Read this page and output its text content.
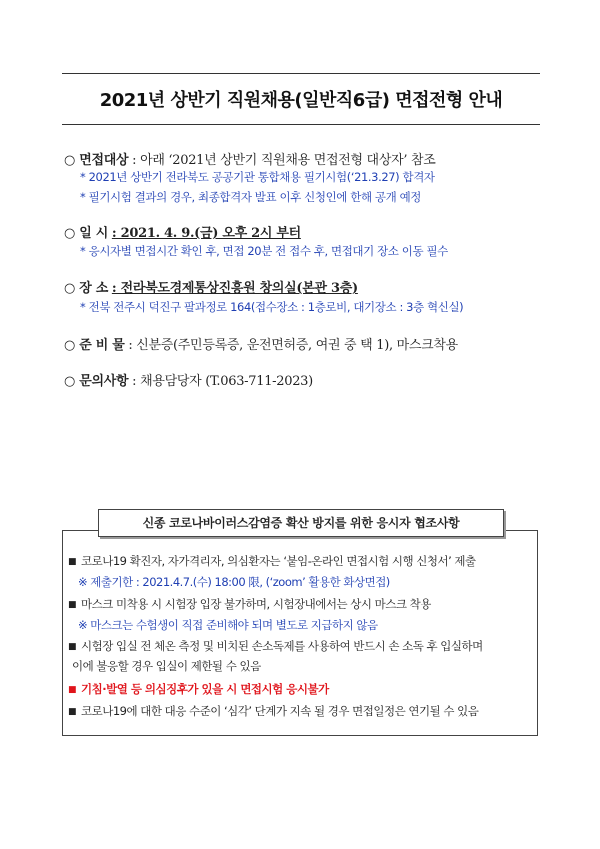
2021년 상반기 직원채용(일반직6급) 면접전형 안내
○ 면접대상 : 아래 ‘2021년 상반기 직원채용 면접전형 대상자’ 참조
* 2021년 상반기 전라북도 공공기관 통합채용 필기시험(‘21.3.27) 합격자
* 필기시험 결과의 경우, 최종합격자 발표 이후 신청인에 한해 공개 예정
○ 일 시 : 2021. 4. 9.(금) 오후 2시 부터
* 응시자별 면접시간 확인 후, 면접 20분 전 접수 후, 면접대기 장소 이동 필수
○ 장 소 : 전라북도경제통상진흥원 창의실(본관 3층)
* 전북 전주시 덕진구 팔과정로 164(접수장소 : 1층로비, 대기장소 : 3층 혁신실)
○ 준 비 물 : 신분증(주민등록증, 운전면허증, 여권 중 택 1), 마스크착용
○ 문의사항 : 채용담당자 (T.063-711-2023)
신종 코로나바이러스감염증 확산 방지를 위한 응시자 협조사항
■ 코로나19 확진자, 자가격리자, 의심환자는 ‘붙임-온라인 면접시험 시행 신청서’ 제출
※ 제출기한 : 2021.4.7.(수) 18:00 限, (‘zoom’ 활용한 화상면접)
■ 마스크 미착용 시 시험장 입장 불가하며, 시험장내에서는 상시 마스크 착용
※ 마스크는 수험생이 직접 준비해야 되며 별도로 지급하지 않음
■ 시험장 입실 전 체온 측정 및 비치된 손소독제를 사용하여 반드시 손 소독 후 입실하며
이에 불응할 경우 입실이 제한될 수 있음
■ 기침·발열 등 의심징후가 있을 시 면접시험 응시불가
■ 코로나19에 대한 대응 수준이 ‘심각’ 단계가 지속 될 경우 면접일정은 연기될 수 있음
